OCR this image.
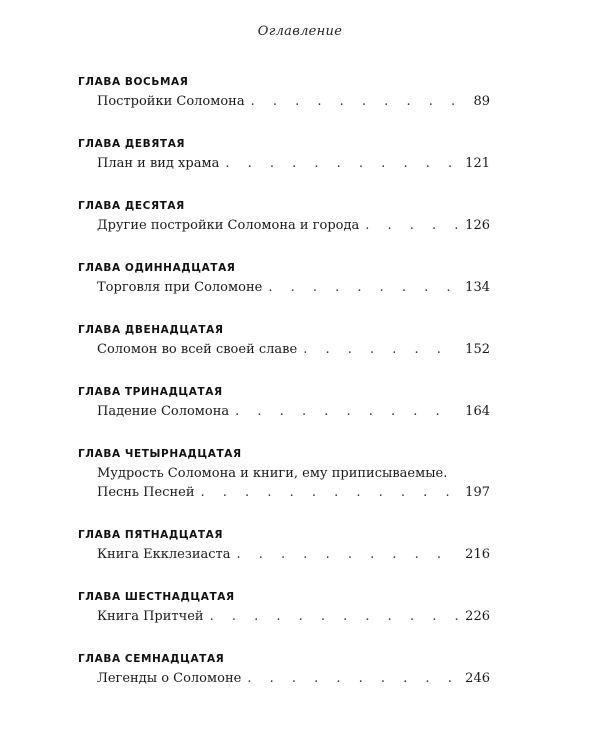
Оглавление
ГЛАВА ВОСЬМАЯ
Постройки Соломона . . .	89
ГЛАВА ДЕВЯТАЯ
План и вид храма . . .	121
ГЛАВА ДЕСЯТАЯ
Другие постройки Соломона и города . . .	126
ГЛАВА ОДИННАДЦАТАЯ
Торговля при Соломоне . . .	134
ГЛАВА ДВЕНАДЦАТАЯ
Соломон во всей своей славе . . .	152
ГЛАВА ТРИНАДЦАТАЯ
Падение Соломона . . .	164
ГЛАВА ЧЕТЫРНАДЦАТАЯ
Мудрость Соломона и книги, ему приписываемые.
Песнь Песней . . .	197
ГЛАВА ПЯТНАДЦАТАЯ
Книга Екклезиаста . . .	216
ГЛАВА ШЕСТНАДЦАТАЯ
Книга Притчей . . .	226
ГЛАВА СЕМНАДЦАТАЯ
Легенды о Соломоне . . .	246
